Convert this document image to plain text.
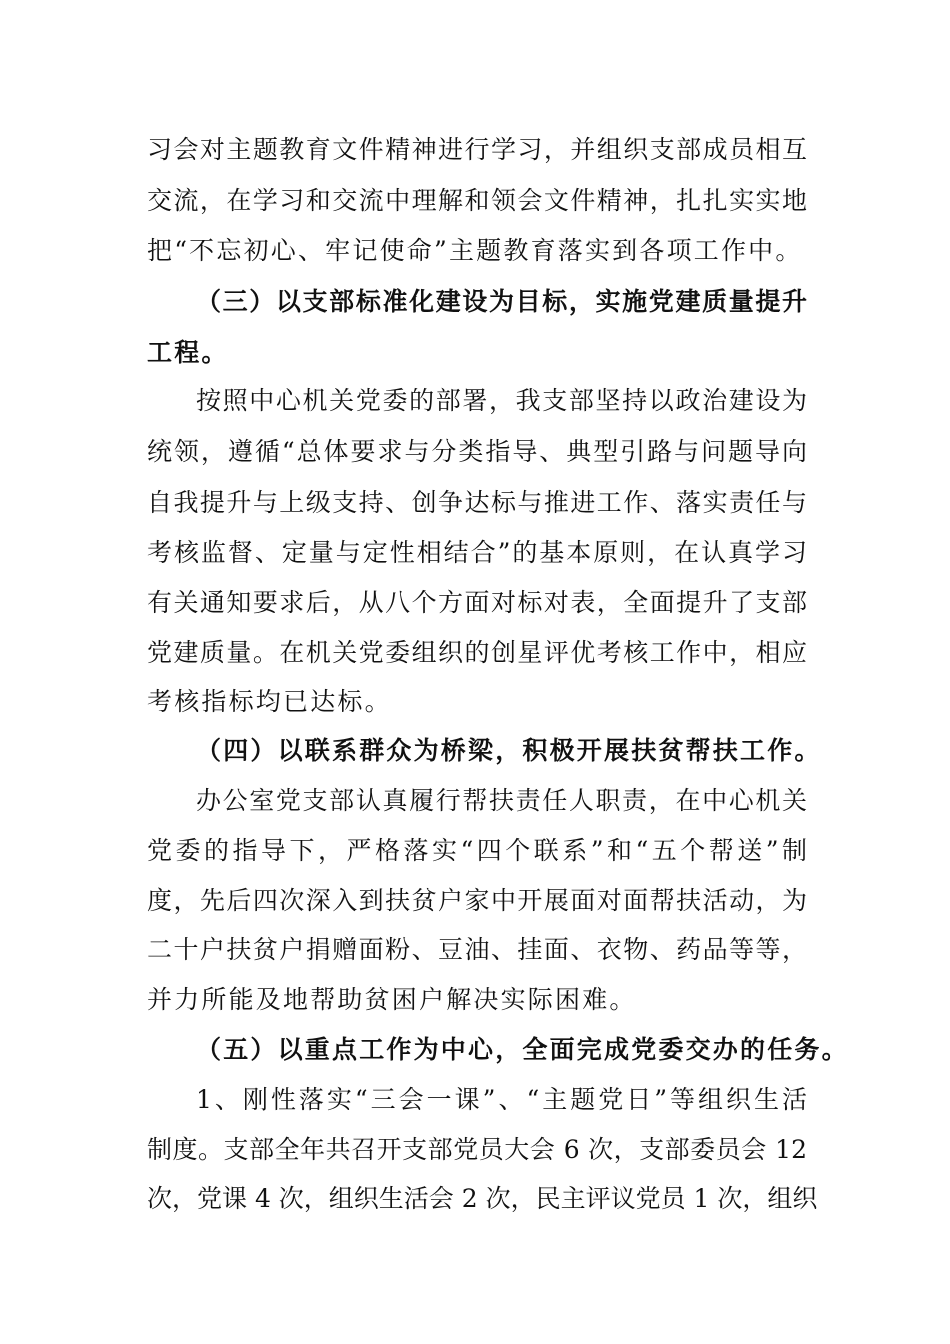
习会对主题教育文件精神进行学习，并组织支部成员相互
交流，在学习和交流中理解和领会文件精神，扎扎实实地
把“不忘初心、牢记使命”主题教育落实到各项工作中。
（三）以支部标准化建设为目标，实施党建质量提升
工程。
按照中心机关党委的部署，我支部坚持以政治建设为
统领，遵循“总体要求与分类指导、典型引路与问题导向
自我提升与上级支持、创争达标与推进工作、落实责任与
考核监督、定量与定性相结合”的基本原则，在认真学习
有关通知要求后，从八个方面对标对表，全面提升了支部
党建质量。在机关党委组织的创星评优考核工作中，相应
考核指标均已达标。
（四）以联系群众为桥梁，积极开展扶贫帮扶工作。
办公室党支部认真履行帮扶责任人职责，在中心机关
党委的指导下，严格落实“四个联系”和“五个帮送”制
度，先后四次深入到扶贫户家中开展面对面帮扶活动，为
二十户扶贫户捐赠面粉、豆油、挂面、衣物、药品等等，
并力所能及地帮助贫困户解决实际困难。
（五）以重点工作为中心，全面完成党委交办的任务。
1、刚性落实“三会一课”、“主题党日”等组织生活
制度。支部全年共召开支部党员大会 6 次，支部委员会 12
次，党课 4 次，组织生活会 2 次，民主评议党员 1 次，组织
